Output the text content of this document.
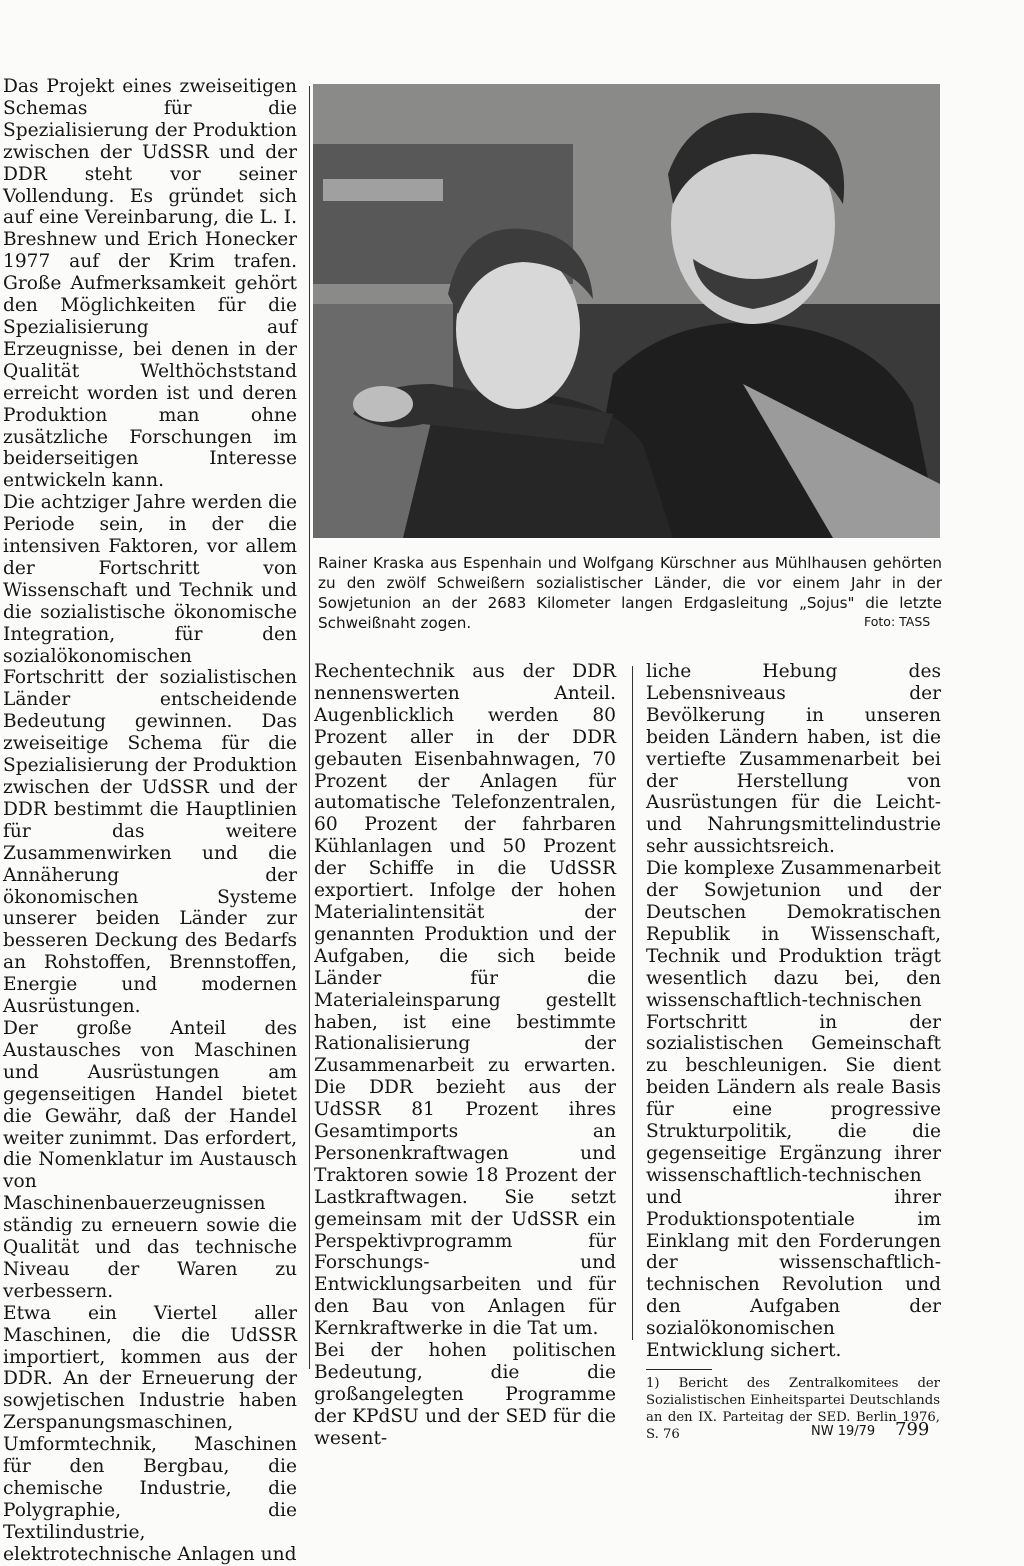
Das Projekt eines zweiseitigen Schemas für die Spezialisierung der Produktion zwischen der UdSSR und der DDR steht vor seiner Vollendung. Es gründet sich auf eine Vereinbarung, die L. I. Breshnew und Erich Honecker 1977 auf der Krim trafen. Große Aufmerksamkeit gehört den Möglichkeiten für die Spezialisierung auf Erzeugnisse, bei denen in der Qualität Welthöchststand erreicht worden ist und deren Produktion man ohne zusätzliche Forschungen im beiderseitigen Interesse entwickeln kann.

Die achtziger Jahre werden die Periode sein, in der die intensiven Faktoren, vor allem der Fortschritt von Wissenschaft und Technik und die sozialistische ökonomische Integration, für den sozialökonomischen Fortschritt der sozialistischen Länder entscheidende Bedeutung gewinnen. Das zweiseitige Schema für die Spezialisierung der Produktion zwischen der UdSSR und der DDR bestimmt die Hauptlinien für das weitere Zusammenwirken und die Annäherung der ökonomischen Systeme unserer beiden Länder zur besseren Deckung des Bedarfs an Rohstoffen, Brennstoffen, Energie und modernen Ausrüstungen.

Der große Anteil des Austausches von Maschinen und Ausrüstungen am gegenseitigen Handel bietet die Gewähr, daß der Handel weiter zunimmt. Das erfordert, die Nomenklatur im Austausch von Maschinenbauerzeugnissen ständig zu erneuern sowie die Qualität und das technische Niveau der Waren zu verbessern.

Etwa ein Viertel aller Maschinen, die die UdSSR importiert, kommen aus der DDR. An der Erneuerung der sowjetischen Industrie haben Zerspanungsmaschinen, Umformtechnik, Maschinen für den Bergbau, die chemische Industrie, die Polygraphie, die Textilindustrie, elektrotechnische Anlagen und

Rainer Kraska aus Espenhain und Wolfgang Kürschner aus Mühlhausen gehörten zu den zwölf Schweißern sozialistischer Länder, die vor einem Jahr in der Sowjetunion an der 2683 Kilometer langen Erdgasleitung „Sojus" die letzte Schweißnaht zogen.	Foto: TASS

Rechentechnik aus der DDR nennenswerten Anteil. Augenblicklich werden 80 Prozent aller in der DDR gebauten Eisenbahnwagen, 70 Prozent der Anlagen für automatische Telefonzentralen, 60 Prozent der fahrbaren Kühlanlagen und 50 Prozent der Schiffe in die UdSSR exportiert. Infolge der hohen Materialintensität der genannten Produktion und der Aufgaben, die sich beide Länder für die Materialeinsparung gestellt haben, ist eine bestimmte Rationalisierung der Zusammenarbeit zu erwarten. Die DDR bezieht aus der UdSSR 81 Prozent ihres Gesamtimports an Personenkraftwagen und Traktoren sowie 18 Prozent der Lastkraftwagen. Sie setzt gemeinsam mit der UdSSR ein Perspektivprogramm für Forschungs- und Entwicklungsarbeiten und für den Bau von Anlagen für Kernkraftwerke in die Tat um.

Bei der hohen politischen Bedeutung, die die großangelegten Programme der KPdSU und der SED für die wesent-

liche Hebung des Lebensniveaus der Bevölkerung in unseren beiden Ländern haben, ist die vertiefte Zusammenarbeit bei der Herstellung von Ausrüstungen für die Leicht- und Nahrungsmittelindustrie sehr aussichtsreich.

Die komplexe Zusammenarbeit der Sowjetunion und der Deutschen Demokratischen Republik in Wissenschaft, Technik und Produktion trägt wesentlich dazu bei, den wissenschaftlich-technischen Fortschritt in der sozialistischen Gemeinschaft zu beschleunigen. Sie dient beiden Ländern als reale Basis für eine progressive Strukturpolitik, die die gegenseitige Ergänzung ihrer wissenschaftlich-technischen und ihrer Produktionspotentiale im Einklang mit den Forderungen der wissenschaftlich-technischen Revolution und den Aufgaben der sozialökonomischen Entwicklung sichert.

1) Bericht des Zentralkomitees der Sozialistischen Einheitspartei Deutschlands an den IX. Parteitag der SED. Berlin 1976, S. 76	NW 19/79 799
